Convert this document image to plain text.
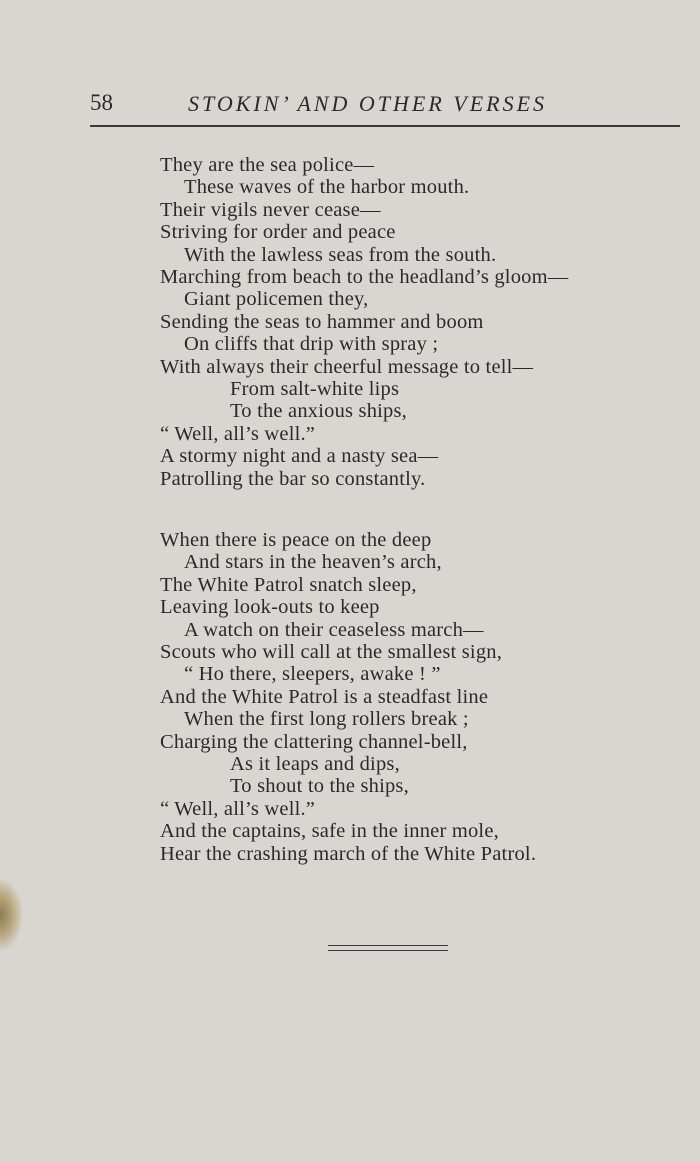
58	STOKIN’ AND OTHER VERSES
They are the sea police—
These waves of the harbor mouth.
Their vigils never cease—
Striving for order and peace
With the lawless seas from the south.
Marching from beach to the headland’s gloom—
Giant policemen they,
Sending the seas to hammer and boom
On cliffs that drip with spray ;
With always their cheerful message to tell—
From salt-white lips
To the anxious ships,
“ Well, all’s well.”
A stormy night and a nasty sea—
Patrolling the bar so constantly.
When there is peace on the deep
And stars in the heaven’s arch,
The White Patrol snatch sleep,
Leaving look-outs to keep
A watch on their ceaseless march—
Scouts who will call at the smallest sign,
“ Ho there, sleepers, awake ! ”
And the White Patrol is a steadfast line
When the first long rollers break ;
Charging the clattering channel-bell,
As it leaps and dips,
To shout to the ships,
“ Well, all’s well.”
And the captains, safe in the inner mole,
Hear the crashing march of the White Patrol.
